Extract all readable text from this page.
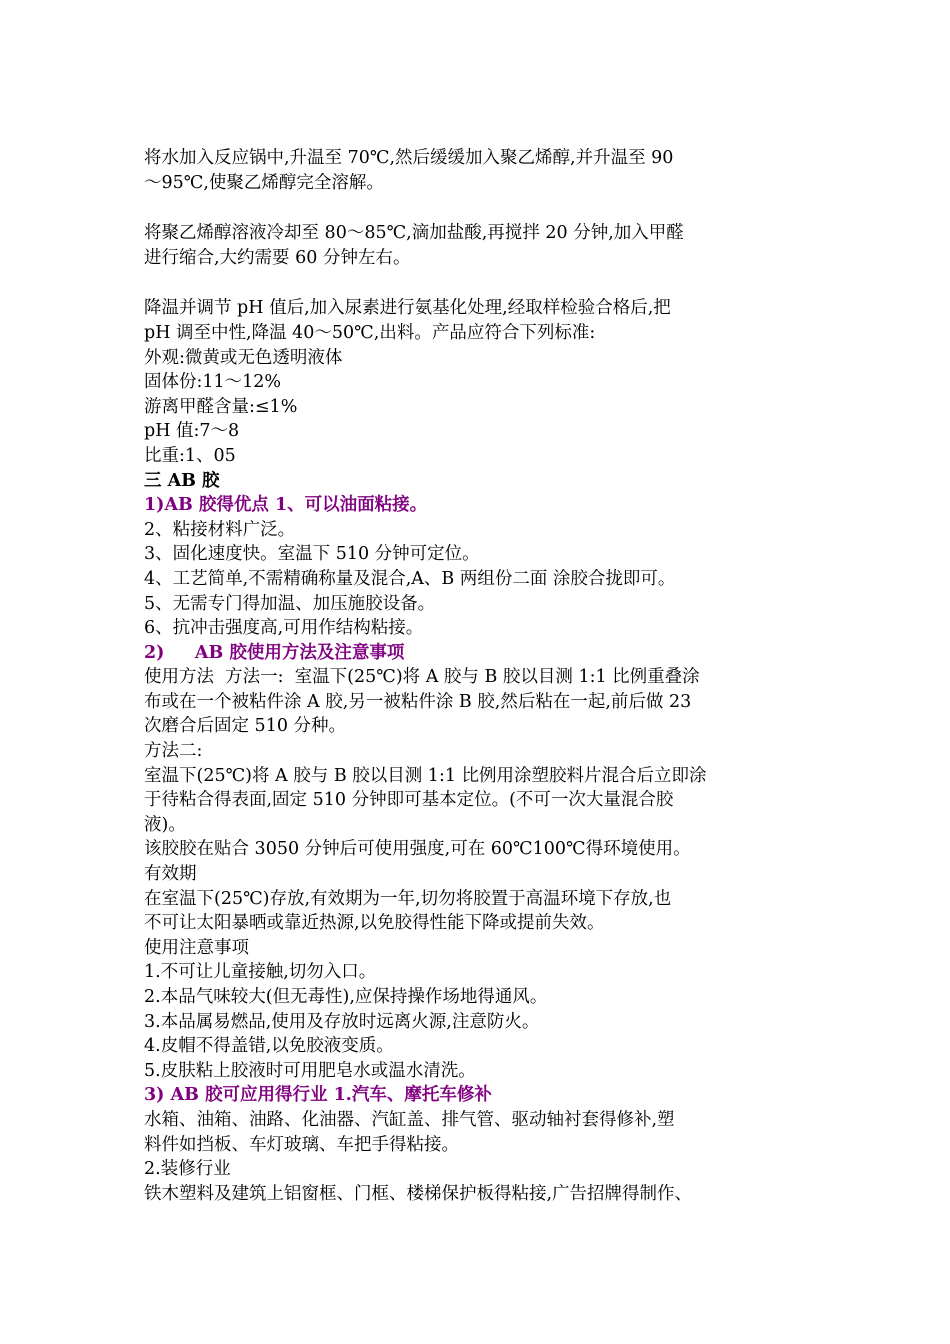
将水加入反应锅中,升温至 70℃,然后缓缓加入聚乙烯醇,并升温至 90
～95℃,使聚乙烯醇完全溶解。
将聚乙烯醇溶液冷却至 80～85℃,滴加盐酸,再搅拌 20 分钟,加入甲醛
进行缩合,大约需要 60 分钟左右。
降温并调节 pH 值后,加入尿素进行氨基化处理,经取样检验合格后,把
pH 调至中性,降温 40～50℃,出料。产品应符合下列标准:
外观:微黄或无色透明液体
固体份:11～12%
游离甲醛含量:≤1%
pH 值:7～8
比重:1、05
三 AB 胶
1)AB 胶得优点 1、可以油面粘接。
2、粘接材料广泛。
3、固化速度快。室温下 510 分钟可定位。
4、工艺简单,不需精确称量及混合,A、B 两组份二面 涂胶合拢即可。
5、无需专门得加温、加压施胶设备。
6、抗冲击强度高,可用作结构粘接。
2)     AB 胶使用方法及注意事项
使用方法  方法一:  室温下(25℃)将 A 胶与 B 胶以目测 1:1 比例重叠涂
布或在一个被粘件涂 A 胶,另一被粘件涂 B 胶,然后粘在一起,前后做 23
次磨合后固定 510 分种。
方法二:
室温下(25℃)将 A 胶与 B 胶以目测 1:1 比例用涂塑胶料片混合后立即涂
于待粘合得表面,固定 510 分钟即可基本定位。(不可一次大量混合胶
液)。
该胶胶在贴合 3050 分钟后可使用强度,可在 60℃100℃得环境使用。
有效期
在室温下(25℃)存放,有效期为一年,切勿将胶置于高温环境下存放,也
不可让太阳暴晒或靠近热源,以免胶得性能下降或提前失效。
使用注意事项
1.不可让儿童接触,切勿入口。
2.本品气味较大(但无毒性),应保持操作场地得通风。
3.本品属易燃品,使用及存放时远离火源,注意防火。
4.皮帽不得盖错,以免胶液变质。
5.皮肤粘上胶液时可用肥皂水或温水清洗。
3) AB 胶可应用得行业 1.汽车、摩托车修补
水箱、油箱、油路、化油器、汽缸盖、排气管、驱动轴衬套得修补,塑
料件如挡板、车灯玻璃、车把手得粘接。
2.装修行业
铁木塑料及建筑上铝窗框、门框、楼梯保护板得粘接,广告招牌得制作、
